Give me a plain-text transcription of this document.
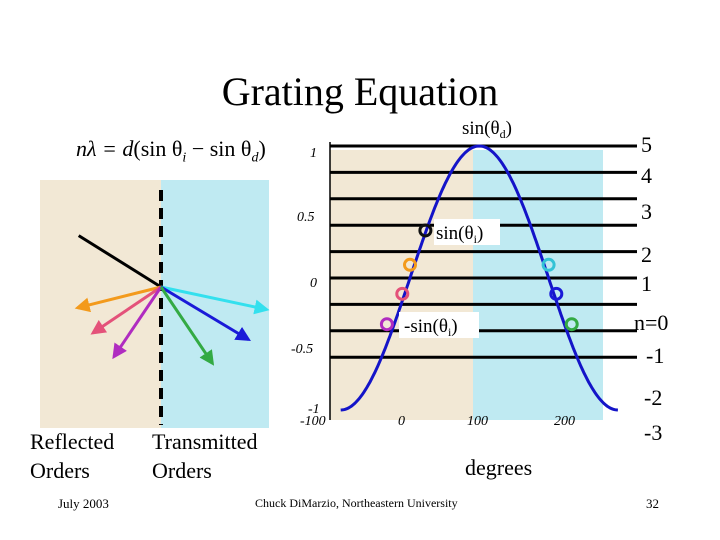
Grating Equation
nλ = d(sin $\theta_i - \sin \theta_d$)	1
0.5
0
-0.5
-1
-100	0	100	200
5
4
3
2
1
n=0
-1
-2
-3
$\sin(\theta_d)$
$\sin(\theta_i)$
$-\sin(\theta_i)$
Reflected Orders
Transmitted Orders	degrees
July 2003	Chuck DiMarzio, Northeastern University	32
